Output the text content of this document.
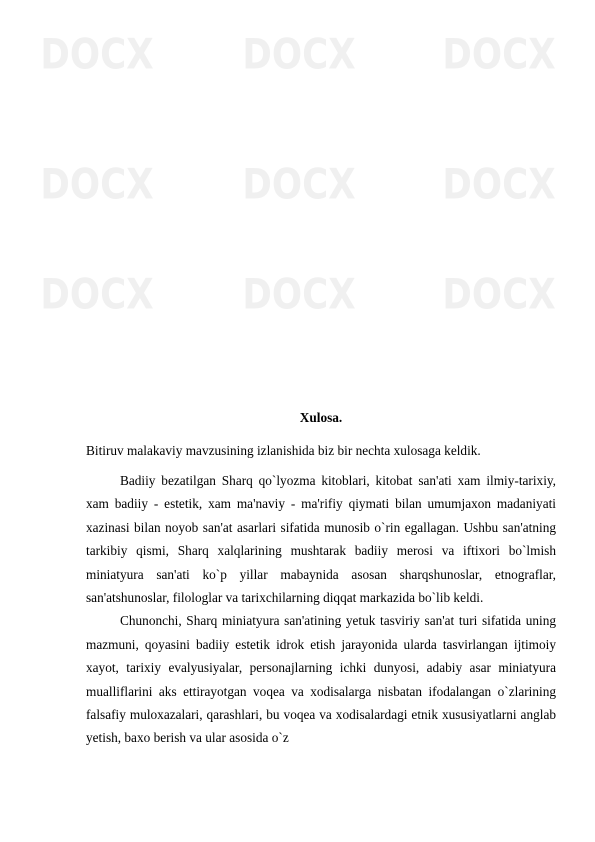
DOCX DOCX DOCX
DOCX DOCX DOCX
DOCX DOCX DOCX
Xulosa.

Bitiruv malakaviy mavzusining izlanishida biz bir nechta xulosaga keldik.

Badiiy bezatilgan Sharq qo`lyozma kitoblari, kitobat san'ati xam ilmiy-tarixiy, xam badiiy - estetik, xam ma'naviy - ma'rifiy qiymati bilan umumjaxon madaniyati xazinasi bilan noyob san'at asarlari sifatida munosib o`rin egallagan. Ushbu san'atning tarkibiy qismi, Sharq xalqlarining mushtarak badiiy merosi va iftixori bo`lmish miniatyura san'ati ko`p yillar mabaynida asosan sharqshunoslar, etnograflar, san'atshunoslar, filologlar va tarixchilarning diqqat markazida bo`lib keldi.

Chunonchi, Sharq miniatyura san'atining yetuk tasviriy san'at turi sifatida uning mazmuni, qoyasini badiiy estetik idrok etish jarayonida ularda tasvirlangan ijtimoiy xayot, tarixiy evalyusiyalar, personajlarning ichki dunyosi, adabiy asar miniatyura mualliflarini aks ettirayotgan voqea va xodisalarga nisbatan ifodalangan o`zlarining falsafiy muloxazalari, qarashlari, bu voqea va xodisalardagi etnik xususiyatlarni anglab yetish, baxo berish va ular asosida o`z
